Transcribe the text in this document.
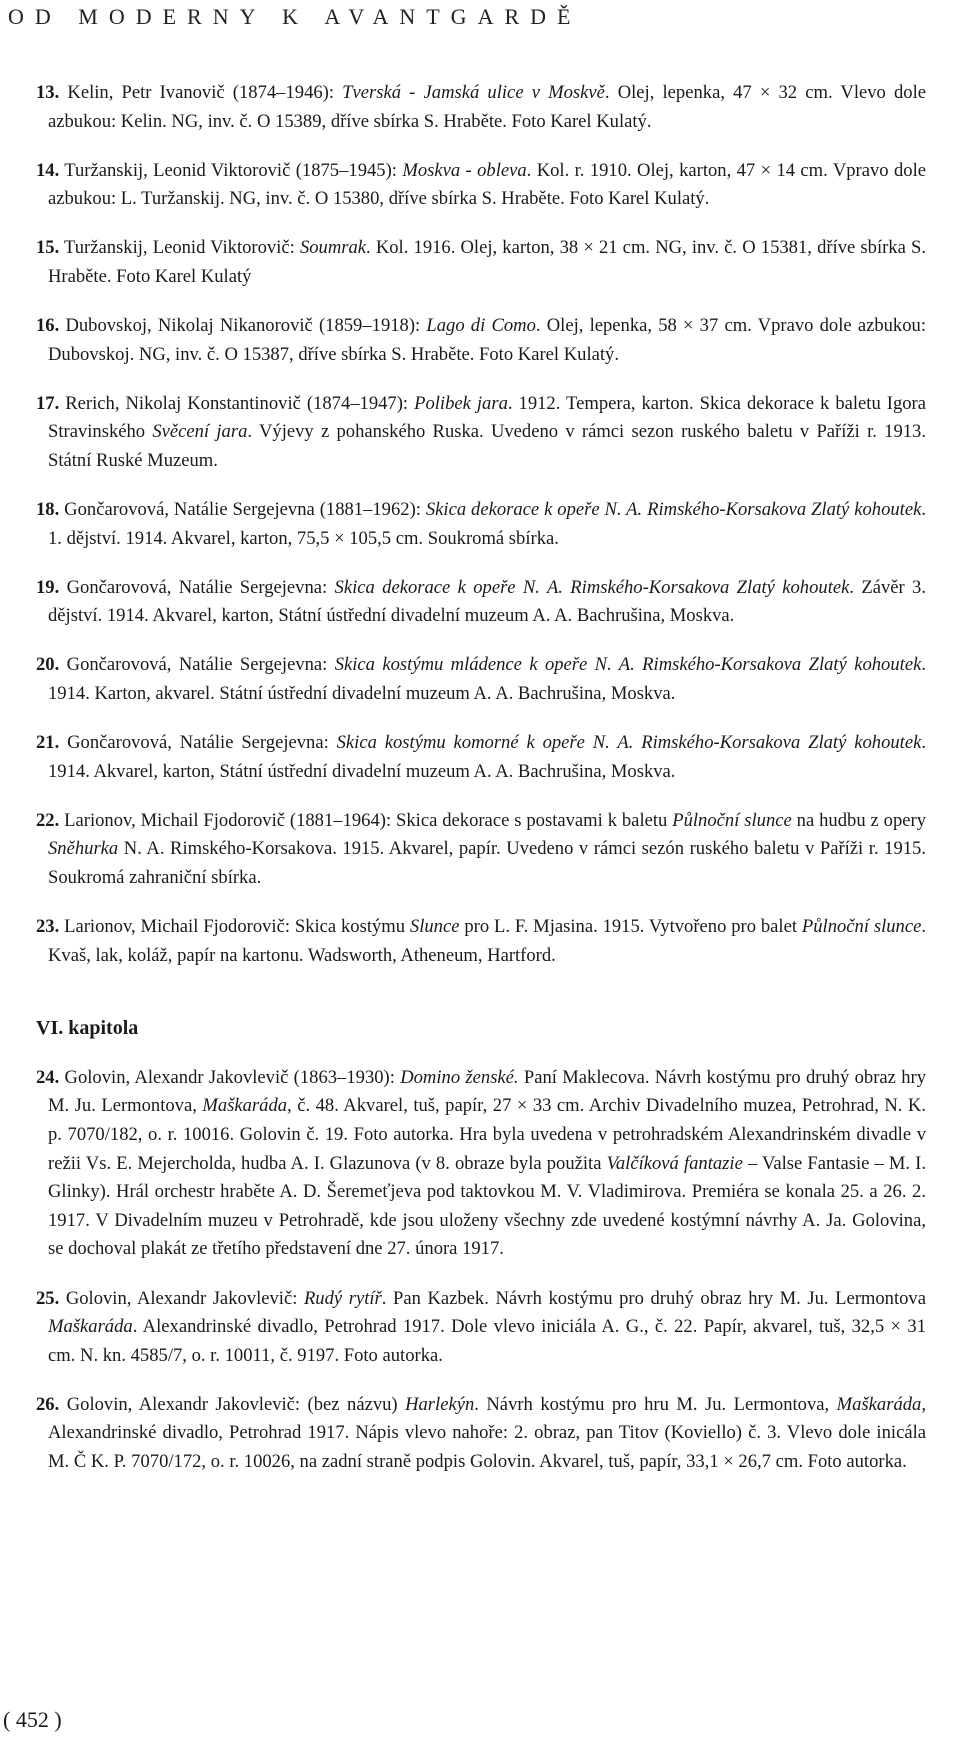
OD MODERNY K AVANTGARDĚ

13. Kelin, Petr Ivanovič (1874–1946): Tverská - Jamská ulice v Moskvě. Olej, lepenka, 47 × 32 cm. Vlevo dole azbukou: Kelin. NG, inv. č. O 15389, dříve sbírka S. Hraběte. Foto Karel Kulatý.

14. Turžanskij, Leonid Viktorovič (1875–1945): Moskva - obleva. Kol. r. 1910. Olej, karton, 47 × 14 cm. Vpravo dole azbukou: L. Turžanskij. NG, inv. č. O 15380, dříve sbírka S. Hraběte. Foto Karel Kulatý.

15. Turžanskij, Leonid Viktorovič: Soumrak. Kol. 1916. Olej, karton, 38 × 21 cm. NG, inv. č. O 15381, dříve sbírka S. Hraběte. Foto Karel Kulatý

16. Dubovskoj, Nikolaj Nikanorovič (1859–1918): Lago di Como. Olej, lepenka, 58 × 37 cm. Vpravo dole azbukou: Dubovskoj. NG, inv. č. O 15387, dříve sbírka S. Hraběte. Foto Karel Kulatý.

17. Rerich, Nikolaj Konstantinovič (1874–1947): Polibek jara. 1912. Tempera, karton. Skica dekorace k baletu Igora Stravinského Svěcení jara. Výjevy z pohanského Ruska. Uvedeno v rámci sezon ruského baletu v Paříži r. 1913. Státní Ruské Muzeum.

18. Gončarovová, Natálie Sergejevna (1881–1962): Skica dekorace k opeře N. A. Rimského-Korsakova Zlatý kohoutek. 1. dějství. 1914. Akvarel, karton, 75,5 × 105,5 cm. Soukromá sbírka.

19. Gončarovová, Natálie Sergejevna: Skica dekorace k opeře N. A. Rimského-Korsakova Zlatý kohoutek. Závěr 3. dějství. 1914. Akvarel, karton, Státní ústřední divadelní muzeum A. A. Bachrušina, Moskva.

20. Gončarovová, Natálie Sergejevna: Skica kostýmu mládence k opeře N. A. Rimského-Korsakova Zlatý kohoutek. 1914. Karton, akvarel. Státní ústřední divadelní muzeum A. A. Bachrušina, Moskva.

21. Gončarovová, Natálie Sergejevna: Skica kostýmu komorné k opeře N. A. Rimského-Korsakova Zlatý kohoutek. 1914. Akvarel, karton, Státní ústřední divadelní muzeum A. A. Bachrušina, Moskva.

22. Larionov, Michail Fjodorovič (1881–1964): Skica dekorace s postavami k baletu Půlnoční slunce na hudbu z opery Sněhurka N. A. Rimského-Korsakova. 1915. Akvarel, papír. Uvedeno v rámci sezón ruského baletu v Paříži r. 1915. Soukromá zahraniční sbírka.

23. Larionov, Michail Fjodorovič: Skica kostýmu Slunce pro L. F. Mjasina. 1915. Vytvořeno pro balet Půlnoční slunce. Kvaš, lak, koláž, papír na kartonu. Wadsworth, Atheneum, Hartford.

VI. kapitola

24. Golovin, Alexandr Jakovlevič (1863–1930): Domino ženské. Paní Maklecova. Návrh kostýmu pro druhý obraz hry M. Ju. Lermontova, Maškaráda, č. 48. Akvarel, tuš, papír, 27 × 33 cm. Archiv Divadelního muzea, Petrohrad, N. K. p. 7070/182, o. r. 10016. Golovin č. 19. Foto autorka. Hra byla uvedena v petrohradském Alexandrinském divadle v režii Vs. E. Mejercholda, hudba A. I. Glazunova (v 8. obraze byla použita Valčíková fantazie – Valse Fantasie – M. I. Glinky). Hrál orchestr hraběte A. D. Šeremeťjeva pod taktovkou M. V. Vladimirova. Premiéra se konala 25. a 26. 2. 1917. V Divadelním muzeu v Petrohradě, kde jsou uloženy všechny zde uvedené kostýmní návrhy A. Ja. Golovina, se dochoval plakát ze třetího představení dne 27. února 1917.

25. Golovin, Alexandr Jakovlevič: Rudý rytíř. Pan Kazbek. Návrh kostýmu pro druhý obraz hry M. Ju. Lermontova Maškaráda. Alexandrinské divadlo, Petrohrad 1917. Dole vlevo iniciála A. G., č. 22. Papír, akvarel, tuš, 32,5 × 31 cm. N. kn. 4585/7, o. r. 10011, č. 9197. Foto autorka.

26. Golovin, Alexandr Jakovlevič: (bez názvu) Harlekýn. Návrh kostýmu pro hru M. Ju. Lermontova, Maškaráda, Alexandrinské divadlo, Petrohrad 1917. Nápis vlevo nahoře: 2. obraz, pan Titov (Koviello) č. 3. Vlevo dole inicála M. Č K. P. 7070/172, o. r. 10026, na zadní straně podpis Golovin. Akvarel, tuš, papír, 33,1 × 26,7 cm. Foto autorka.

( 452 )
